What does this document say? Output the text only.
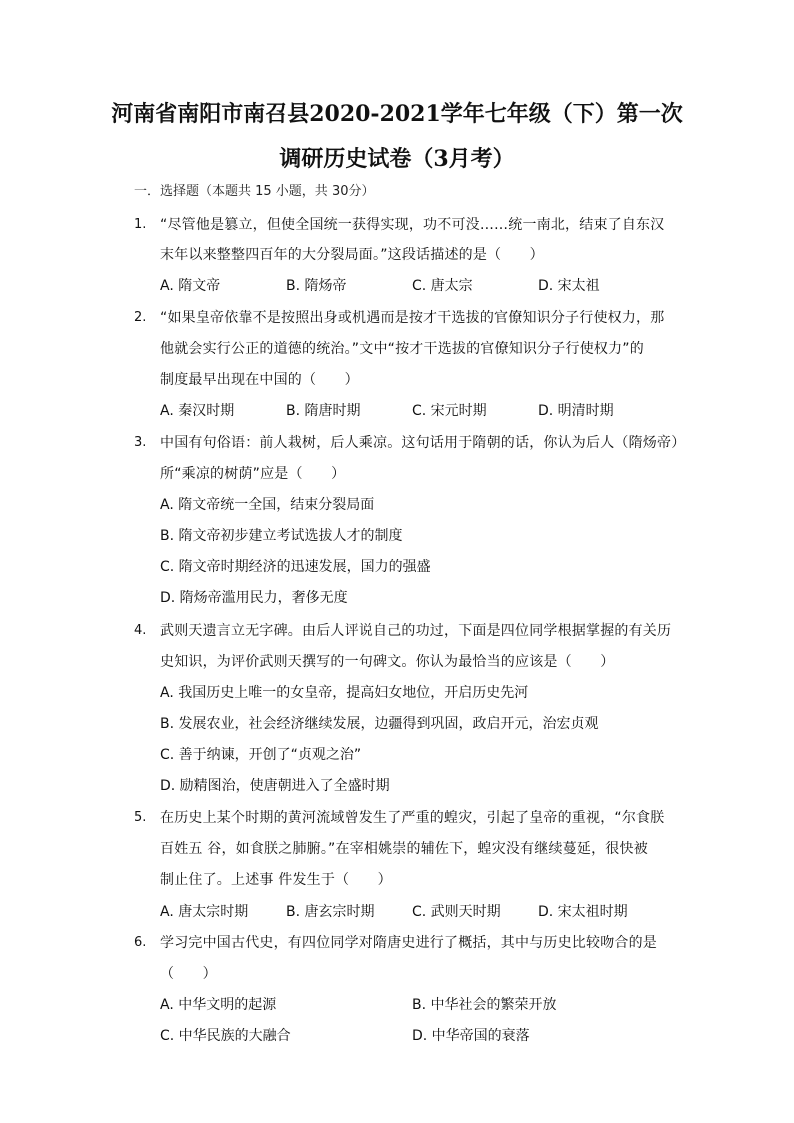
河南省南阳市南召县2020-2021学年七年级（下）第一次
调研历史试卷（3月考）
一．选择题（本题共 15 小题，共 30分）
1. “尽管他是篡立，但使全国统一获得实现，功不可没……统一南北，结束了自东汉
末年以来整整四百年的大分裂局面。”这段话描述的是（　　）
A. 隋文帝	B. 隋炀帝	C. 唐太宗	D. 宋太祖
2. “如果皇帝依靠不是按照出身或机遇而是按才干选拔的官僚知识分子行使权力，那
他就会实行公正的道德的统治。”文中“按才干选拔的官僚知识分子行使权力”的
制度最早出现在中国的（　　）
A. 秦汉时期	B. 隋唐时期	C. 宋元时期	D. 明清时期
3. 中国有句俗语：前人栽树，后人乘凉。这句话用于隋朝的话，你认为后人（隋炀帝）
所“乘凉的树荫”应是（　　）
A. 隋文帝统一全国，结束分裂局面
B. 隋文帝初步建立考试选拔人才的制度
C. 隋文帝时期经济的迅速发展，国力的强盛
D. 隋炀帝滥用民力，奢侈无度
4. 武则天遗言立无字碑。由后人评说自己的功过，下面是四位同学根据掌握的有关历
史知识，为评价武则天撰写的一句碑文。你认为最恰当的应该是（　　）
A. 我国历史上唯一的女皇帝，提高妇女地位，开启历史先河
B. 发展农业，社会经济继续发展，边疆得到巩固，政启开元，治宏贞观
C. 善于纳谏，开创了“贞观之治”
D. 励精图治，使唐朝进入了全盛时期
5. 在历史上某个时期的黄河流域曾发生了严重的蝗灾，引起了皇帝的重视，“尔食朕
百姓五 谷，如食朕之肺腑。”在宰相姚崇的辅佐下，蝗灾没有继续蔓延，很快被
制止住了。上述事 件发生于（　　）
A. 唐太宗时期	B. 唐玄宗时期	C. 武则天时期	D. 宋太祖时期
6. 学习完中国古代史，有四位同学对隋唐史进行了概括，其中与历史比较吻合的是
（　　）
A. 中华文明的起源	B. 中华社会的繁荣开放
C. 中华民族的大融合	D. 中华帝国的衰落
